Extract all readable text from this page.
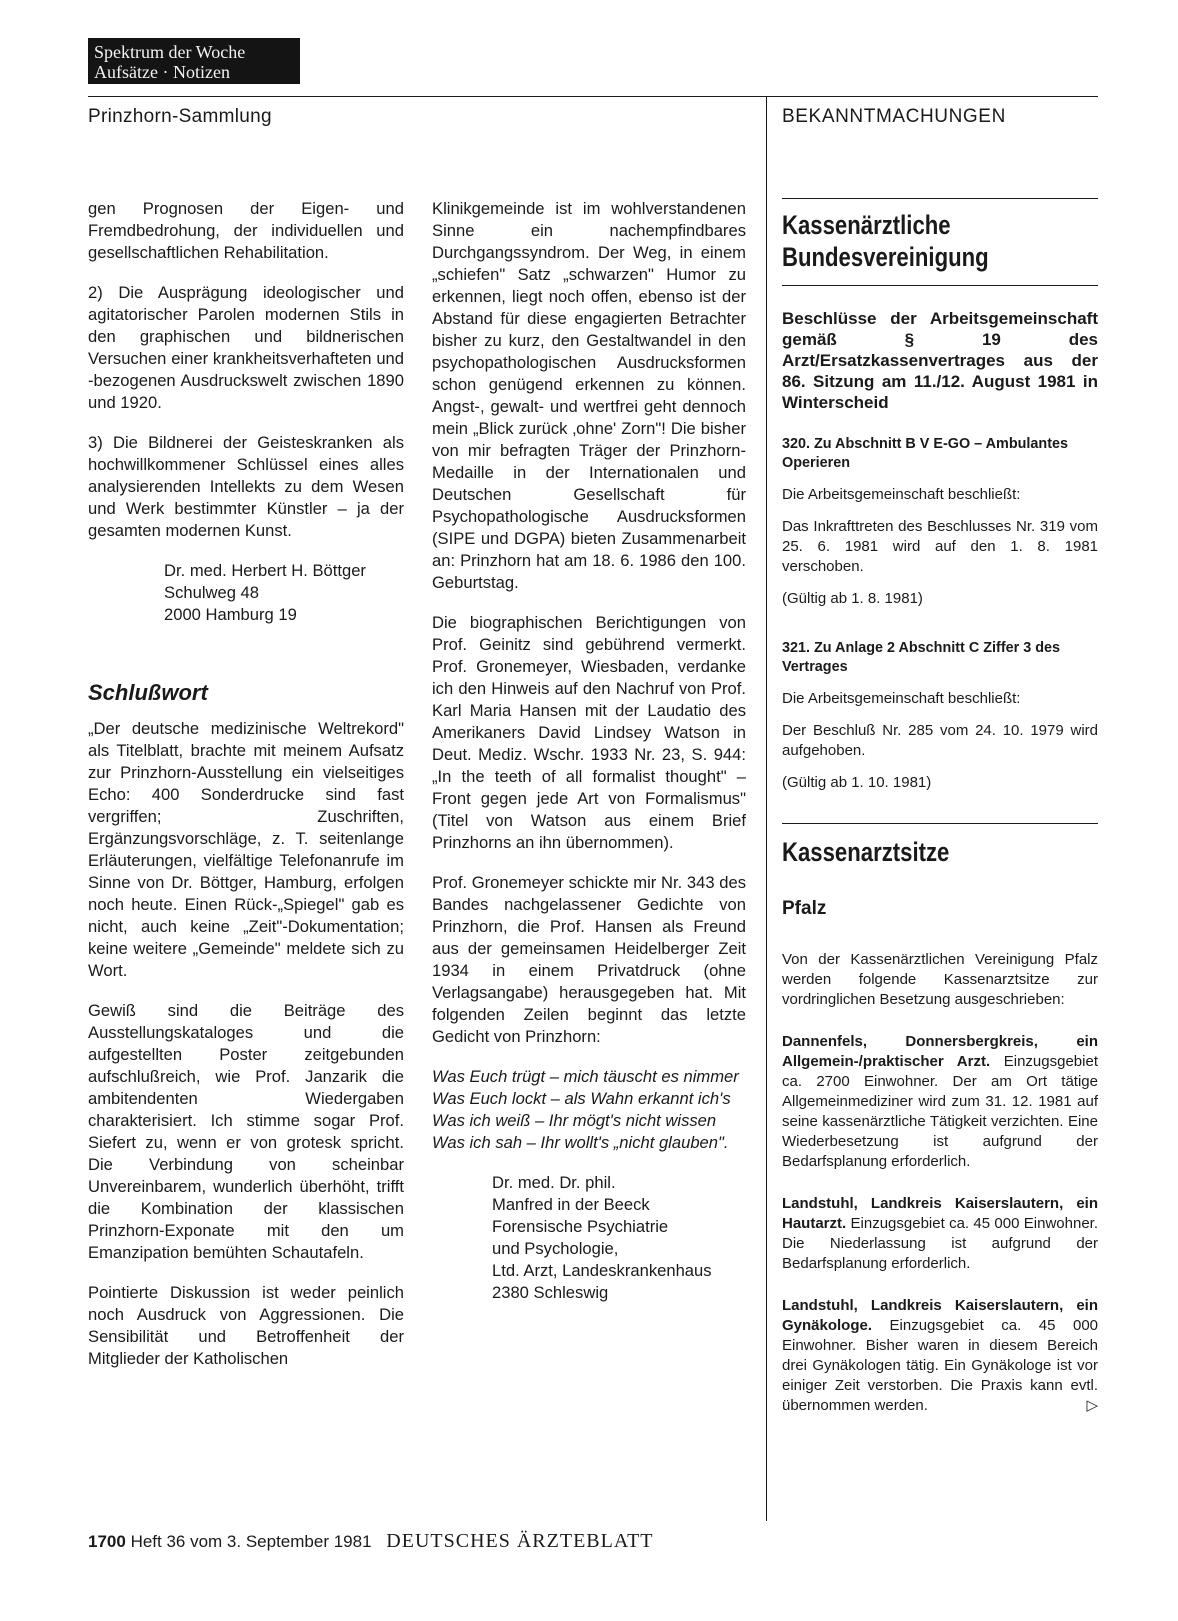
Spektrum der Woche
Aufsätze · Notizen
Prinzhorn-Sammlung	BEKANNTMACHUNGEN

gen Prognosen der Eigen- und Fremdbedrohung, der individuellen und gesellschaftlichen Rehabilitation.

2) Die Ausprägung ideologischer und agitatorischer Parolen modernen Stils in den graphischen und bildnerischen Versuchen einer krankheitsverhafteten und -bezogenen Ausdruckswelt zwischen 1890 und 1920.

3) Die Bildnerei der Geisteskranken als hochwillkommener Schlüssel eines alles analysierenden Intellekts zu dem Wesen und Werk bestimmter Künstler – ja der gesamten modernen Kunst.

Dr. med. Herbert H. Böttger
Schulweg 48
2000 Hamburg 19
Schlußwort

„Der deutsche medizinische Weltrekord" als Titelblatt, brachte mit meinem Aufsatz zur Prinzhorn-Ausstellung ein vielseitiges Echo: 400 Sonderdrucke sind fast vergriffen; Zuschriften, Ergänzungsvorschläge, z. T. seitenlange Erläuterungen, vielfältige Telefonanrufe im Sinne von Dr. Böttger, Hamburg, erfolgen noch heute. Einen Rück-„Spiegel" gab es nicht, auch keine „Zeit"-Dokumentation; keine weitere „Gemeinde" meldete sich zu Wort.

Gewiß sind die Beiträge des Ausstellungskataloges und die aufgestellten Poster zeitgebunden aufschlußreich, wie Prof. Janzarik die ambitendenten Wiedergaben charakterisiert. Ich stimme sogar Prof. Siefert zu, wenn er von grotesk spricht. Die Verbindung von scheinbar Unvereinbarem, wunderlich überhöht, trifft die Kombination der klassischen Prinzhorn-Exponate mit den um Emanzipation bemühten Schautafeln.

Pointierte Diskussion ist weder peinlich noch Ausdruck von Aggressionen. Die Sensibilität und Betroffenheit der Mitglieder der Katholischen

Klinikgemeinde ist im wohlverstandenen Sinne ein nachempfindbares Durchgangssyndrom. Der Weg, in einem „schiefen" Satz „schwarzen" Humor zu erkennen, liegt noch offen, ebenso ist der Abstand für diese engagierten Betrachter bisher zu kurz, den Gestaltwandel in den psychopathologischen Ausdrucksformen schon genügend erkennen zu können. Angst-, gewalt- und wertfrei geht dennoch mein „Blick zurück ‚ohne' Zorn"! Die bisher von mir befragten Träger der Prinzhorn-Medaille in der Internationalen und Deutschen Gesellschaft für Psychopathologische Ausdrucksformen (SIPE und DGPA) bieten Zusammenarbeit an: Prinzhorn hat am 18. 6. 1986 den 100. Geburtstag.

Die biographischen Berichtigungen von Prof. Geinitz sind gebührend vermerkt. Prof. Gronemeyer, Wiesbaden, verdanke ich den Hinweis auf den Nachruf von Prof. Karl Maria Hansen mit der Laudatio des Amerikaners David Lindsey Watson in Deut. Mediz. Wschr. 1933 Nr. 23, S. 944: „In the teeth of all formalist thought" – Front gegen jede Art von Formalismus" (Titel von Watson aus einem Brief Prinzhorns an ihn übernommen).

Prof. Gronemeyer schickte mir Nr. 343 des Bandes nachgelassener Gedichte von Prinzhorn, die Prof. Hansen als Freund aus der gemeinsamen Heidelberger Zeit 1934 in einem Privatdruck (ohne Verlagsangabe) herausgegeben hat. Mit folgenden Zeilen beginnt das letzte Gedicht von Prinzhorn:

Was Euch trügt – mich täuscht es nimmer
Was Euch lockt – als Wahn erkannt ich's
Was ich weiß – Ihr mögt's nicht wissen
Was ich sah – Ihr wollt's „nicht glauben".
Dr. med. Dr. phil.
Manfred in der Beeck
Forensische Psychiatrie
und Psychologie,
Ltd. Arzt, Landeskrankenhaus
2380 Schleswig
Kassenärztliche
Bundesvereinigung
Beschlüsse der Arbeitsgemeinschaft gemäß § 19 des Arzt/Ersatzkassenvertrages aus der 86. Sitzung am 11./12. August 1981 in Winterscheid
320. Zu Abschnitt B V E-GO – Ambulantes Operieren
Die Arbeitsgemeinschaft beschließt:
Das Inkrafttreten des Beschlusses Nr. 319 vom 25. 6. 1981 wird auf den 1. 8. 1981 verschoben.
(Gültig ab 1. 8. 1981)
321. Zu Anlage 2 Abschnitt C Ziffer 3 des Vertrages
Die Arbeitsgemeinschaft beschließt:
Der Beschluß Nr. 285 vom 24. 10. 1979 wird aufgehoben.
(Gültig ab 1. 10. 1981)
Kassenarztsitze
Pfalz
Von der Kassenärztlichen Vereinigung Pfalz werden folgende Kassenarztsitze zur vordringlichen Besetzung ausgeschrieben:
Dannenfels, Donnersbergkreis, ein Allgemein-/praktischer Arzt. Einzugsgebiet ca. 2700 Einwohner. Der am Ort tätige Allgemeinmediziner wird zum 31. 12. 1981 auf seine kassenärztliche Tätigkeit verzichten. Eine Wiederbesetzung ist aufgrund der Bedarfsplanung erforderlich.
Landstuhl, Landkreis Kaiserslautern, ein Hautarzt. Einzugsgebiet ca. 45 000 Einwohner. Die Niederlassung ist aufgrund der Bedarfsplanung erforderlich.
Landstuhl, Landkreis Kaiserslautern, ein Gynäkologe. Einzugsgebiet ca. 45 000 Einwohner. Bisher waren in diesem Bereich drei Gynäkologen tätig. Ein Gynäkologe ist vor einiger Zeit verstorben. Die Praxis kann evtl. übernommen werden.	▷
1700 Heft 36 vom 3. September 1981 DEUTSCHES ÄRZTEBLATT
